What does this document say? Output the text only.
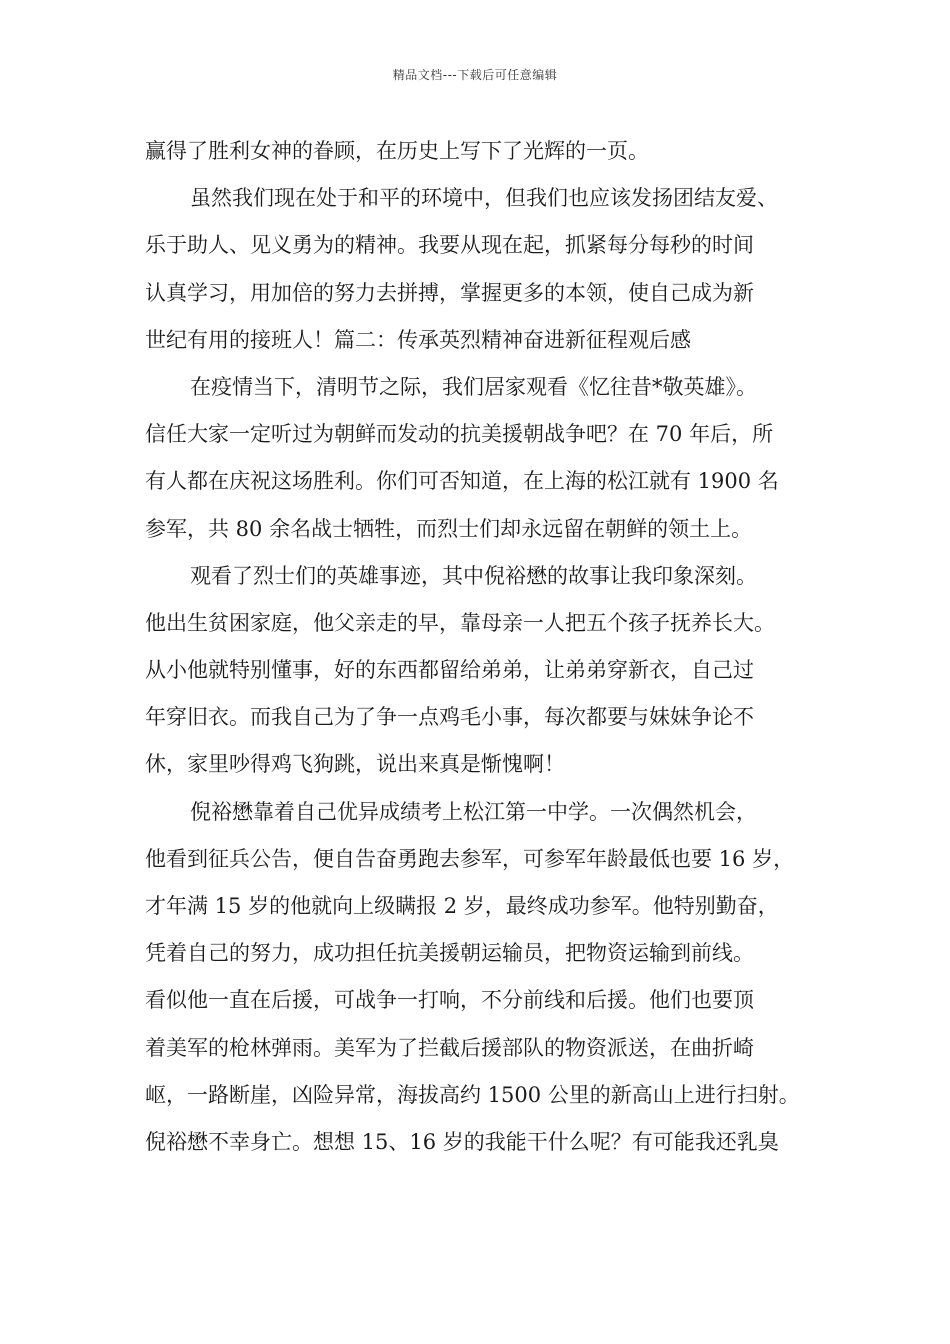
精品文档---下载后可任意编辑
赢得了胜利女神的眷顾，在历史上写下了光辉的一页。
虽然我们现在处于和平的环境中，但我们也应该发扬团结友爱、
乐于助人、见义勇为的精神。我要从现在起，抓紧每分每秒的时间
认真学习，用加倍的努力去拼搏，掌握更多的本领，使自己成为新
世纪有用的接班人！篇二：传承英烈精神奋进新征程观后感
在疫情当下，清明节之际，我们居家观看《忆往昔*敬英雄》。
信任大家一定听过为朝鲜而发动的抗美援朝战争吧？在 70 年后，所
有人都在庆祝这场胜利。你们可否知道，在上海的松江就有 1900 名
参军，共 80 余名战士牺牲，而烈士们却永远留在朝鲜的领土上。
观看了烈士们的英雄事迹，其中倪裕懋的故事让我印象深刻。
他出生贫困家庭，他父亲走的早，靠母亲一人把五个孩子抚养长大。
从小他就特别懂事，好的东西都留给弟弟，让弟弟穿新衣，自己过
年穿旧衣。而我自己为了争一点鸡毛小事，每次都要与妹妹争论不
休，家里吵得鸡飞狗跳，说出来真是惭愧啊！
倪裕懋靠着自己优异成绩考上松江第一中学。一次偶然机会，
他看到征兵公告，便自告奋勇跑去参军，可参军年龄最低也要 16 岁，
才年满 15 岁的他就向上级瞒报 2 岁，最终成功参军。他特别勤奋，
凭着自己的努力，成功担任抗美援朝运输员，把物资运输到前线。
看似他一直在后援，可战争一打响，不分前线和后援。他们也要顶
着美军的枪林弹雨。美军为了拦截后援部队的物资派送，在曲折崎
岖，一路断崖，凶险异常，海拔高约 1500 公里的新高山上进行扫射。
倪裕懋不幸身亡。想想 15、16 岁的我能干什么呢？有可能我还乳臭
